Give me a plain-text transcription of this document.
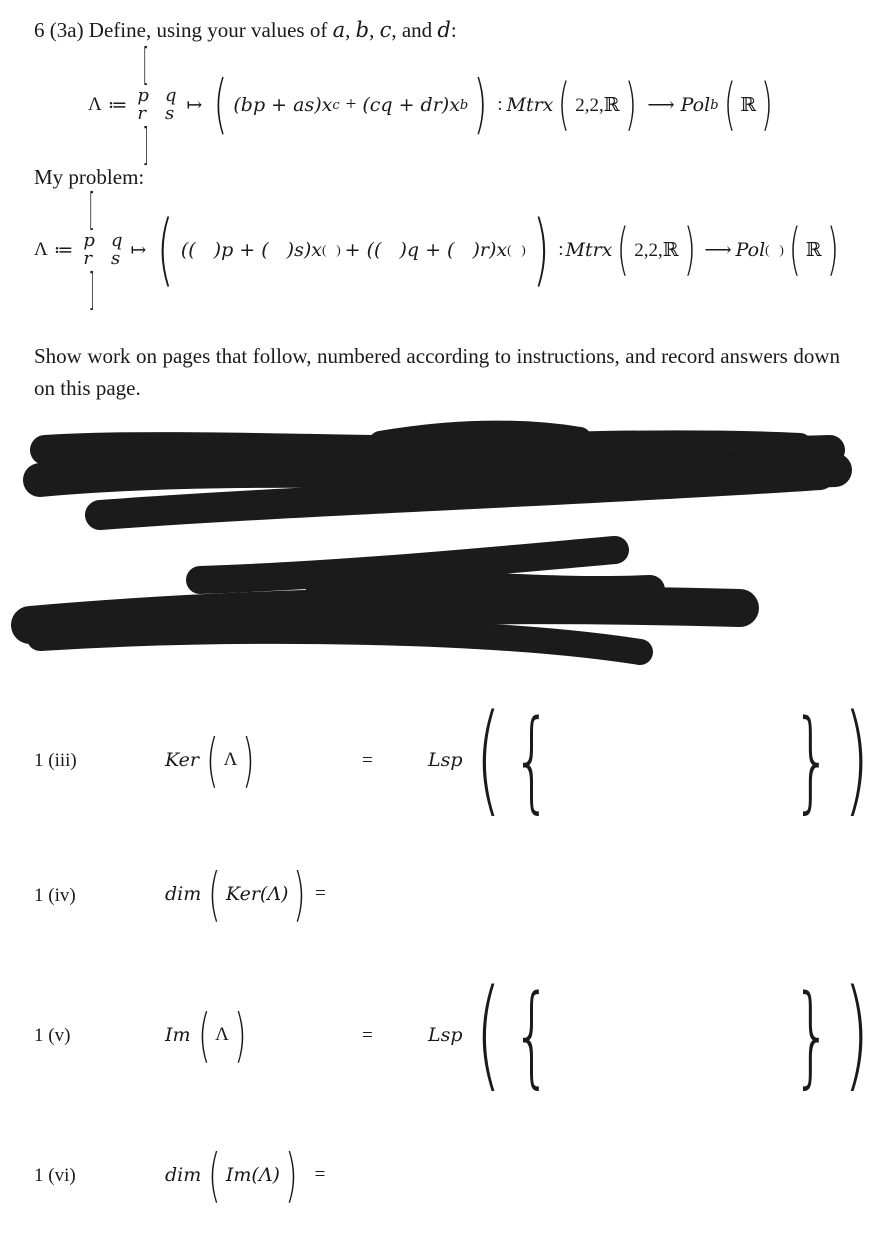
6 (3a) Define, using your values of a, b, c, and d:
Λ ≔
[
p q
r s
]
↦ ( (bp + as)x c + (cq + dr)x b ) : Mtrx ( 2,2,ℝ ) ⟶ Pol b ( ℝ )
My problem:
Λ ≔
[
p q
r s
]
↦ ( (( )p + ( )s)x ( ) + (( )q + ( )r)x ( ) ) : Mtrx ( 2,2,ℝ ) ⟶ Pol ( ) ( ℝ )
Show work on pages that follow, numbered according to instructions, and record answers down on this page.
1 (iii)	Ker ( Λ )	=	Lsp ( { } )
1 (iv)	dim ( Ker(Λ) ) =
1 (v)	Im ( Λ )	=	Lsp ( { } )
1 (vi)	dim ( Im(Λ) ) =
